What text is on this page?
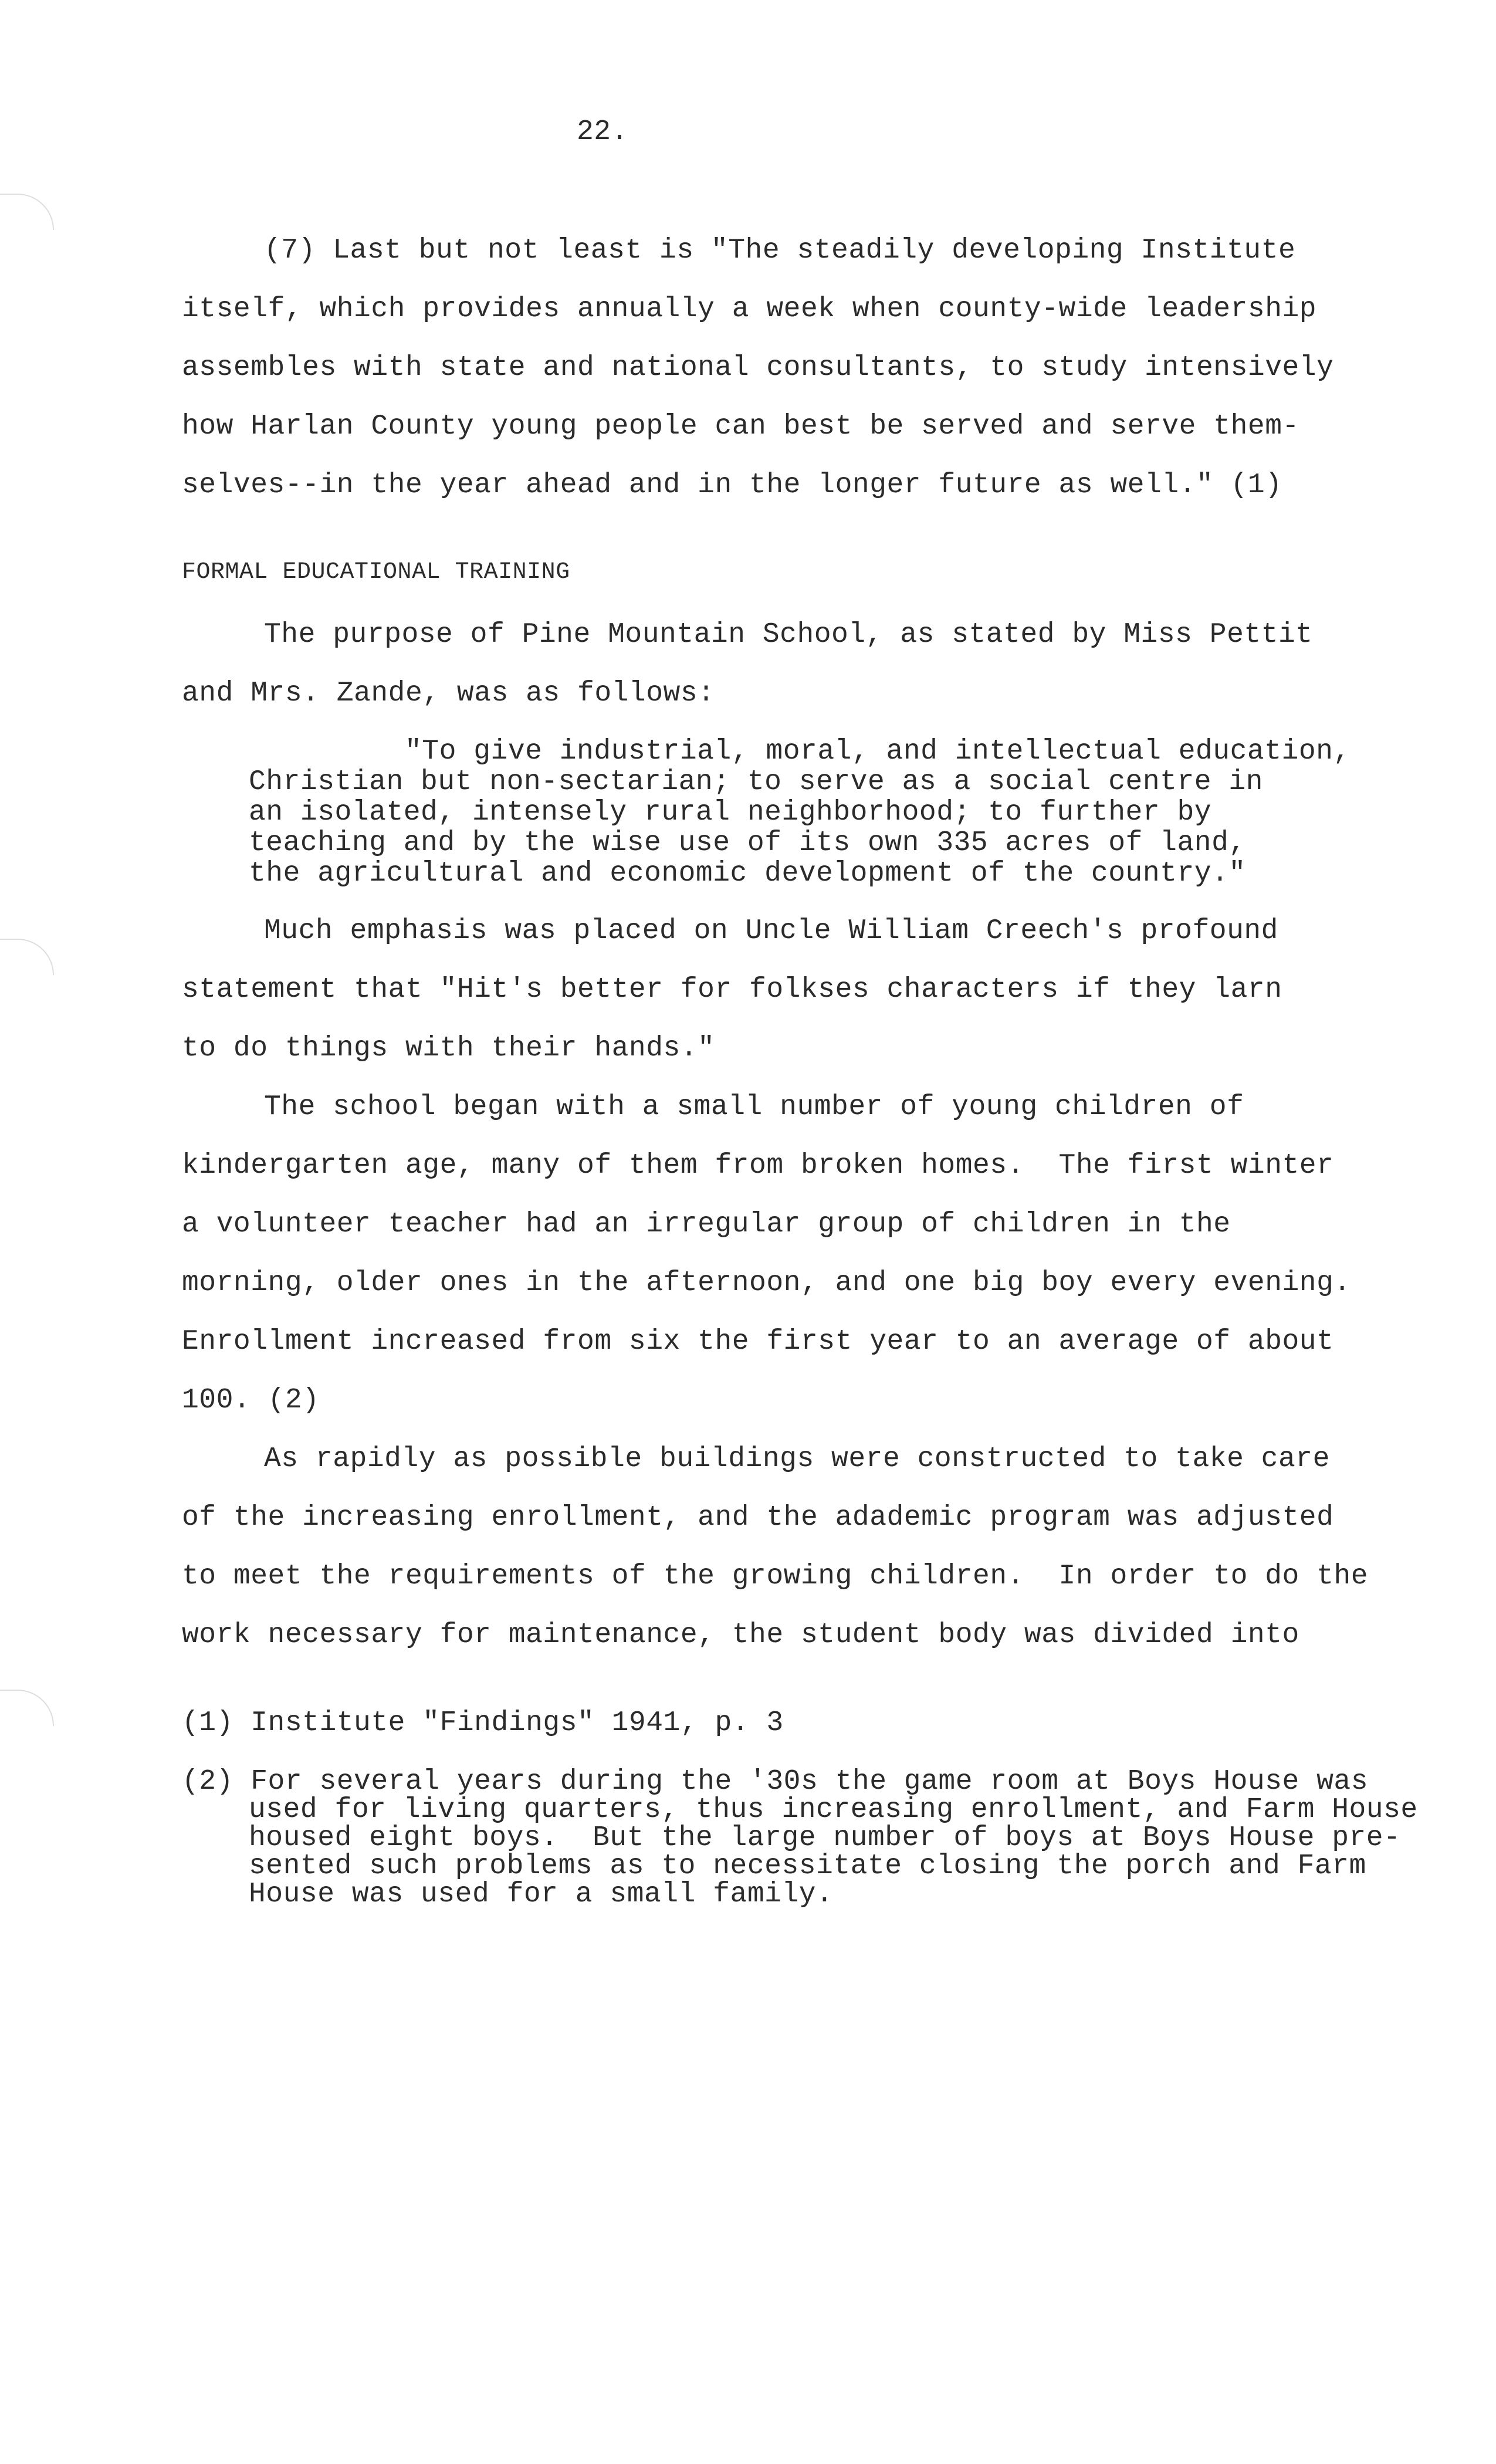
22.
(7) Last but not least is "The steadily developing Institute
itself, which provides annually a week when county-wide leadership
assembles with state and national consultants, to study intensively
how Harlan County young people can best be served and serve them-
selves--in the year ahead and in the longer future as well." (1)
FORMAL EDUCATIONAL TRAINING
The purpose of Pine Mountain School, as stated by Miss Pettit
and Mrs. Zande, was as follows:
"To give industrial, moral, and intellectual education,
Christian but non-sectarian; to serve as a social centre in
an isolated, intensely rural neighborhood; to further by
teaching and by the wise use of its own 335 acres of land,
the agricultural and economic development of the country."
Much emphasis was placed on Uncle William Creech's profound
statement that "Hit's better for folkses characters if they larn
to do things with their hands."
The school began with a small number of young children of
kindergarten age, many of them from broken homes.  The first winter
a volunteer teacher had an irregular group of children in the
morning, older ones in the afternoon, and one big boy every evening.
Enrollment increased from six the first year to an average of about
100. (2)
As rapidly as possible buildings were constructed to take care
of the increasing enrollment, and the adademic program was adjusted
to meet the requirements of the growing children.  In order to do the
work necessary for maintenance, the student body was divided into
(1) Institute "Findings" 1941, p. 3
(2) For several years during the '30s the game room at Boys House was
used for living quarters, thus increasing enrollment, and Farm House
housed eight boys.  But the large number of boys at Boys House pre-
sented such problems as to necessitate closing the porch and Farm
House was used for a small family.
